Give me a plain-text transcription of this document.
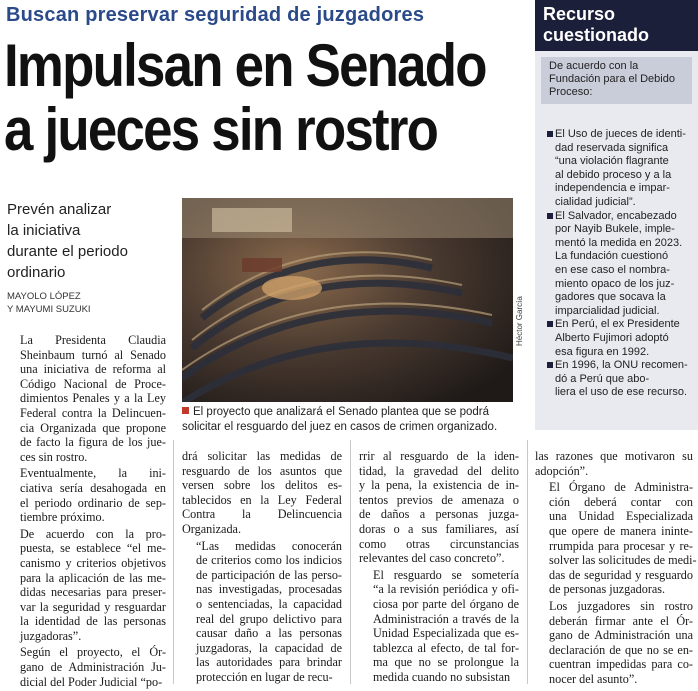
Buscan preservar seguridad de juzgadores
Impulsan en Senado
a jueces sin rostro
Prevén analizar
la iniciativa
durante el periodo
ordinario
MAYOLO LÓPEZ
Y MAYUMI SUZUKI	Héctor García
El proyecto que analizará el Senado plantea que se podrá
solicitar el resguardo del juez en casos de crimen organizado.

La Presidenta Claudia
Sheinbaum turnó al Senado
una iniciativa de reforma al
Código Nacional de Proce-
dimientos Penales y a la Ley
Federal contra la Delincuen-
cia Organizada que propone
de facto la figura de los jue-
ces sin rostro.

Eventualmente, la ini-
ciativa sería desahogada en
el periodo ordinario de sep-
tiembre próximo.

De acuerdo con la pro-
puesta, se establece “el me-
canismo y criterios objetivos
para la aplicación de las me-
didas necesarias para preser-
var la seguridad y resguardar
la identidad de las personas
juzgadoras”.

Según el proyecto, el Ór-
gano de Administración Ju-
dicial del Poder Judicial “po-

drá solicitar las medidas de
resguardo de los asuntos que
versen sobre los delitos es-
tablecidos en la Ley Federal
Contra la Delincuencia
Organizada.

“Las medidas conocerán
de criterios como los indicios
de participación de las perso-
nas investigadas, procesadas
o sentenciadas, la capacidad
real del grupo delictivo para
causar daño a las personas
juzgadoras, la capacidad de
las autoridades para brindar
protección en lugar de recu-

rrir al resguardo de la iden-
tidad, la gravedad del delito
y la pena, la existencia de in-
tentos previos de amenaza o
de daños a personas juzga-
doras o a sus familiares, así
como otras circunstancias
relevantes del caso concreto”.

El resguardo se sometería
“a la revisión periódica y ofi-
ciosa por parte del órgano de
Administración a través de la
Unidad Especializada que es-
tablezca al efecto, de tal for-
ma que no se prolongue la
medida cuando no subsistan

las razones que motivaron su
adopción”.

El Órgano de Administra-
ción deberá contar con
una Unidad Especializada
que opere de manera ininte-
rrumpida para procesar y re-
solver las solicitudes de medi-
das de seguridad y resguardo
de personas juzgadoras.

Los juzgadores sin rostro
deberán firmar ante el Ór-
gano de Administración una
declaración de que no se en-
cuentran impedidas para co-
nocer del asunto”.

Recurso
cuestionado
De acuerdo con la
Fundación para el Debido
Proceso:
El Uso de jueces de identi-
dad reservada significa
“una violación flagrante
al debido proceso y a la
independencia e impar-
cialidad judicial”.
El Salvador, encabezado
por Nayib Bukele, imple-
mentó la medida en 2023.
La fundación cuestionó
en ese caso el nombra-
miento opaco de los juz-
gadores que socava la
imparcialidad judicial.
En Perú, el ex Presidente
Alberto Fujimori adoptó
esa figura en 1992.
En 1996, la ONU recomen-
dó a Perú que abo-
liera el uso de ese recurso.
